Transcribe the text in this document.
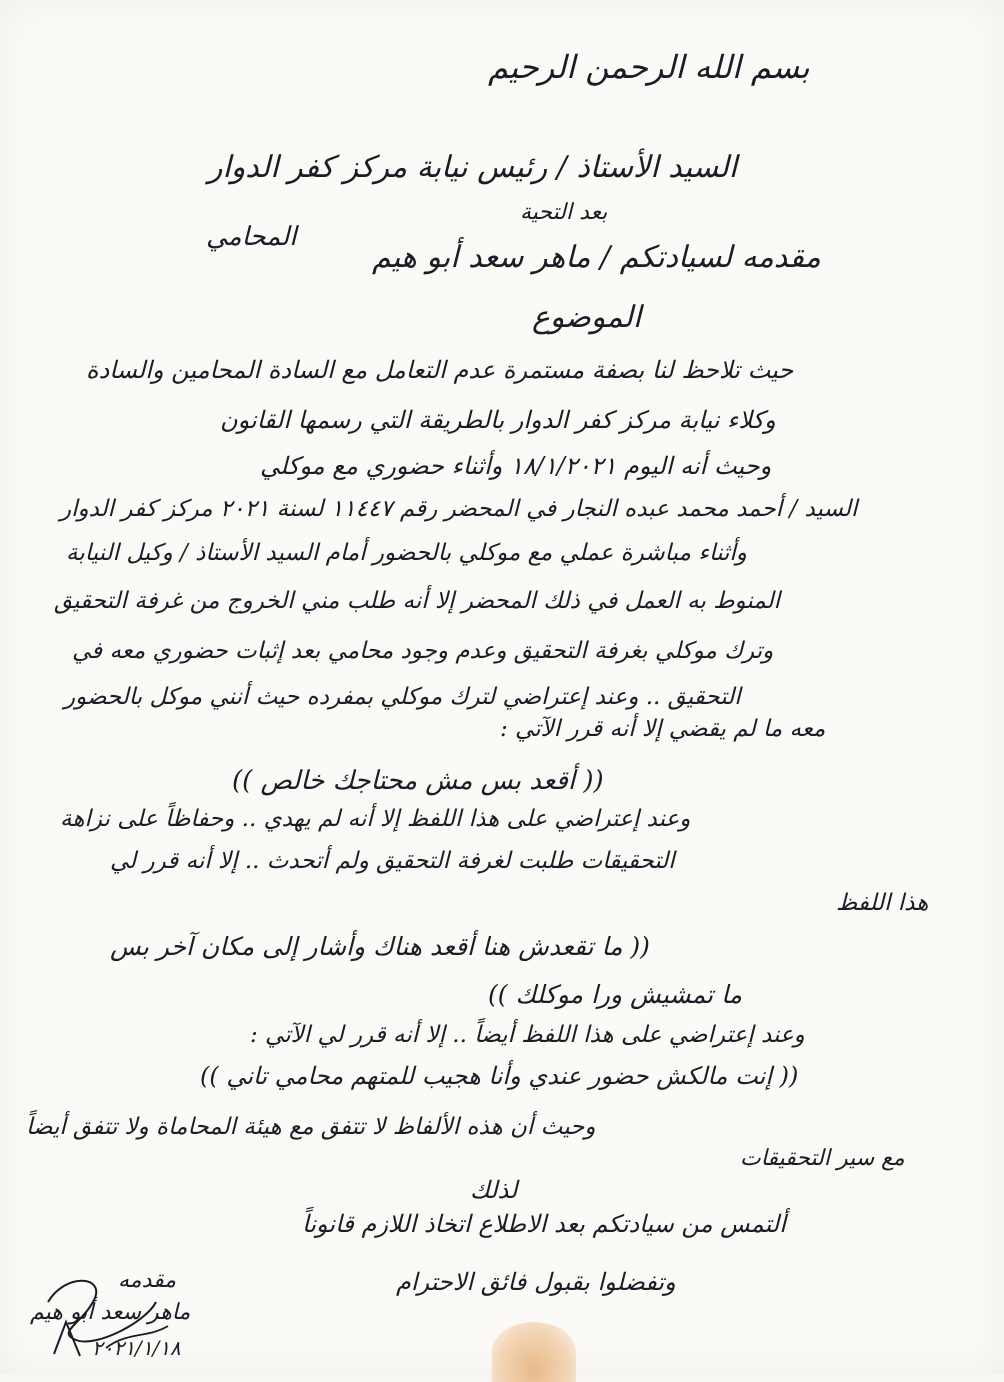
بسم الله الرحمن الرحيم
السيد الأستاذ / رئيس نيابة مركز كفر الدوار
بعد التحية
مقدمه لسيادتكم / ماهر سعد أبو هيم
المحامي
الموضوع
حيث تلاحظ لنا بصفة مستمرة عدم التعامل مع السادة المحامين والسادة
وكلاء نيابة مركز كفر الدوار بالطريقة التي رسمها القانون
وحيث أنه اليوم ١٨/١/٢٠٢١ وأثناء حضوري مع موكلي
السيد / أحمد محمد عبده النجار في المحضر رقم ١١٤٤٧ لسنة ٢٠٢١ مركز كفر الدوار
وأثناء مباشرة عملي مع موكلي بالحضور أمام السيد الأستاذ / وكيل النيابة
المنوط به العمل في ذلك المحضر إلا أنه طلب مني الخروج من غرفة التحقيق
وترك موكلي بغرفة التحقيق وعدم وجود محامي بعد إثبات حضوري معه في
التحقيق .. وعند إعتراضي لترك موكلي بمفرده حيث أنني موكل بالحضور
معه ما لم يقضي إلا أنه قرر الآتي :
(( أقعد بس مش محتاجك خالص ))
وعند إعتراضي على هذا اللفظ إلا أنه لم يهدي .. وحفاظاً على نزاهة
التحقيقات طلبت لغرفة التحقيق ولم أتحدث .. إلا أنه قرر لي
هذا اللفظ
(( ما تقعدش هنا أقعد هناك وأشار إلى مكان آخر بس
ما تمشيش ورا موكلك ))
وعند إعتراضي على هذا اللفظ أيضاً .. إلا أنه قرر لي الآتي :
(( إنت مالكش حضور عندي وأنا هجيب للمتهم محامي تاني ))
وحيث أن هذه الألفاظ لا تتفق مع هيئة المحاماة ولا تتفق أيضاً
مع سير التحقيقات
لذلك
ألتمس من سيادتكم بعد الاطلاع اتخاذ اللازم قانوناً
وتفضلوا بقبول فائق الاحترام
مقدمه
ماهر سعد أبو هيم
٢٠٢١/١/١٨
